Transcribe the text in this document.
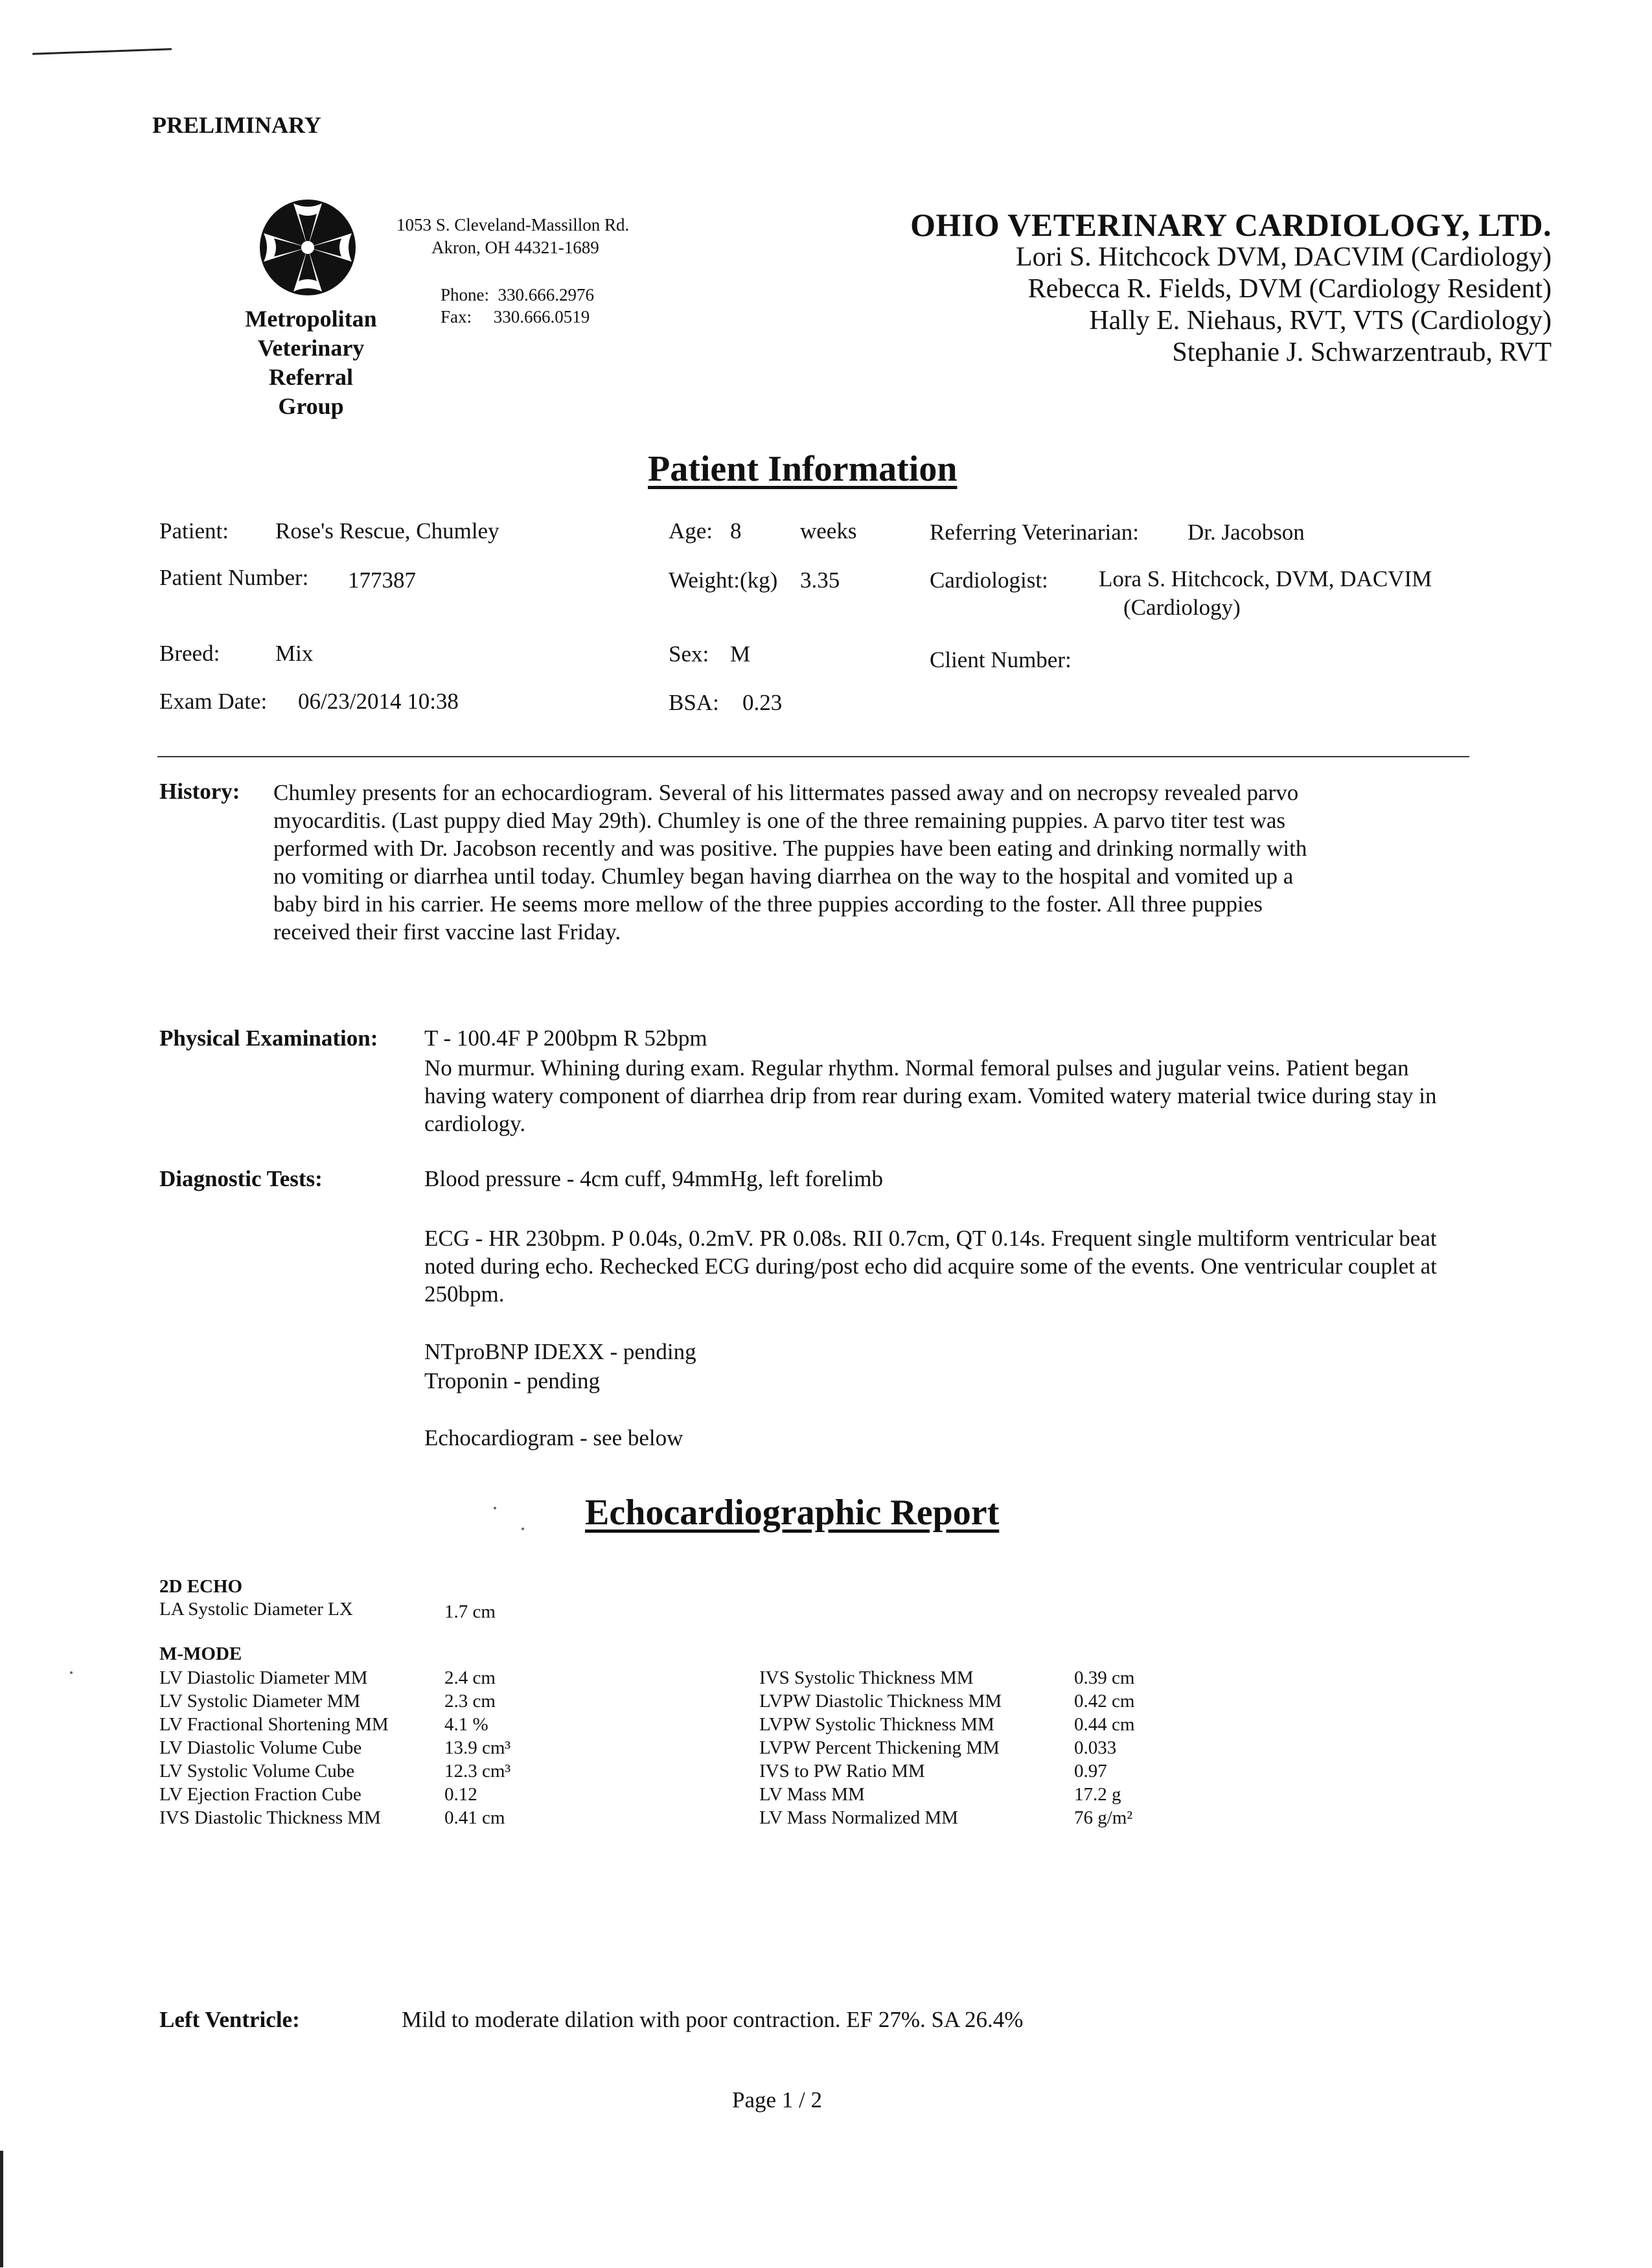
PRELIMINARY
Metropolitan
Veterinary
Referral
Group
1053 S. Cleveland-Massillon Rd.
Akron, OH 44321-1689
Phone:  330.666.2976
Fax:     330.666.0519
OHIO VETERINARY CARDIOLOGY, LTD.
Lori S. Hitchcock DVM, DACVIM (Cardiology)
Rebecca R. Fields, DVM (Cardiology Resident)
Hally E. Niehaus, RVT, VTS (Cardiology)
Stephanie J. Schwarzentraub, RVT
Patient Information
Patient: Rose's Rescue, Chumley
Patient Number: 177387
Breed: Mix
Exam Date: 06/23/2014 10:38
Age: 8	weeks
Weight:(kg) 3.35
Sex: M
BSA: 0.23
Referring Veterinarian: Dr. Jacobson
Cardiologist: Lora S. Hitchcock, DVM, DACVIM
(Cardiology)
Client Number:
History: Chumley presents for an echocardiogram. Several of his littermates passed away and on necropsy revealed parvo myocarditis. (Last puppy died May 29th). Chumley is one of the three remaining puppies. A parvo titer test was performed with Dr. Jacobson recently and was positive. The puppies have been eating and drinking normally with no vomiting or diarrhea until today. Chumley began having diarrhea on the way to the hospital and vomited up a baby bird in his carrier. He seems more mellow of the three puppies according to the foster. All three puppies received their first vaccine last Friday.
Physical Examination: T - 100.4F P 200bpm R 52bpm
No murmur. Whining during exam. Regular rhythm. Normal femoral pulses and jugular veins. Patient began having watery component of diarrhea drip from rear during exam. Vomited watery material twice during stay in cardiology.
Diagnostic Tests:	Blood pressure - 4cm cuff, 94mmHg, left forelimb
ECG - HR 230bpm. P 0.04s, 0.2mV. PR 0.08s. RII 0.7cm, QT 0.14s. Frequent single multiform ventricular beat noted during echo. Rechecked ECG during/post echo did acquire some of the events. One ventricular couplet at 250bpm.
NTproBNP IDEXX - pending
Troponin - pending
Echocardiogram - see below
Echocardiographic Report
2D ECHO
LA Systolic Diameter LX	1.7 cm
M-MODE
LV Diastolic Diameter MM	2.4 cm
LV Systolic Diameter MM	2.3 cm
LV Fractional Shortening MM	4.1 %
LV Diastolic Volume Cube	13.9 cm³
LV Systolic Volume Cube	12.3 cm³
LV Ejection Fraction Cube	0.12
IVS Diastolic Thickness MM	0.41 cm
IVS Systolic Thickness MM	0.39 cm
LVPW Diastolic Thickness MM	0.42 cm
LVPW Systolic Thickness MM	0.44 cm
LVPW Percent Thickening MM	0.033
IVS to PW Ratio MM	0.97
LV Mass MM	17.2 g
LV Mass Normalized MM	76 g/m²
Left Ventricle:	Mild to moderate dilation with poor contraction. EF 27%. SA 26.4%
Page 1 / 2
